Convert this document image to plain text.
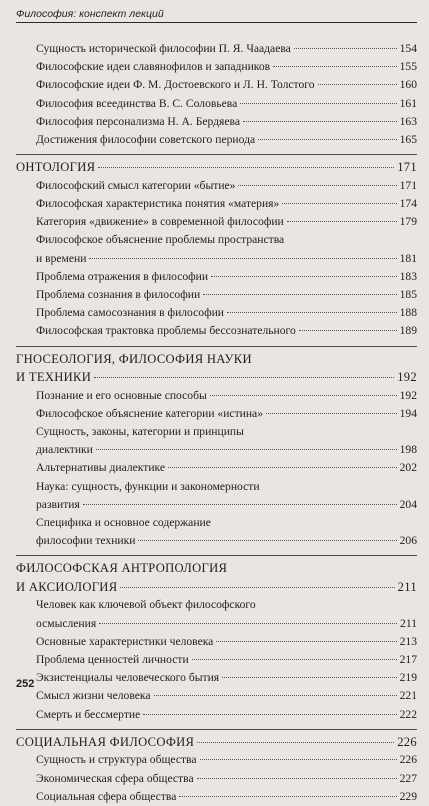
Философия: конспект лекций
Сущность исторической философии П. Я. Чаадаева	154
Философские идеи славянофилов и западников	155
Философские идеи Ф. М. Достоевского и Л. Н. Толстого	160
Философия всеединства В. С. Соловьева	161
Философия персонализма Н. А. Бердяева	163
Достижения философии советского периода	165
ОНТОЛОГИЯ	171
Философский смысл категории «бытие»	171
Философская характеристика понятия «материя»	174
Категория «движение» в современной философии	179
Философское объяснение проблемы пространства
и времени	181
Проблема отражения в философии	183
Проблема сознания в философии	185
Проблема самосознания в философии	188
Философская трактовка проблемы бессознательного	189
ГНОСЕОЛОГИЯ, ФИЛОСОФИЯ НАУКИ
И ТЕХНИКИ	192
Познание и его основные способы	192
Философское объяснение категории «истина»	194
Сущность, законы, категории и принципы
диалектики	198
Альтернативы диалектике	202
Наука: сущность, функции и закономерности
развития	204
Специфика и основное содержание
философии техники	206
ФИЛОСОФСКАЯ АНТРОПОЛОГИЯ
И АКСИОЛОГИЯ	211
Человек как ключевой объект философского
осмысления	211
Основные характеристики человека	213
Проблема ценностей личности	217
Экзистенциалы человеческого бытия	219
Смысл жизни человека	221
Смерть и бессмертие	222
СОЦИАЛЬНАЯ ФИЛОСОФИЯ	226
Сущность и структура общества	226
Экономическая сфера общества	227
Социальная сфера общества	229
252
